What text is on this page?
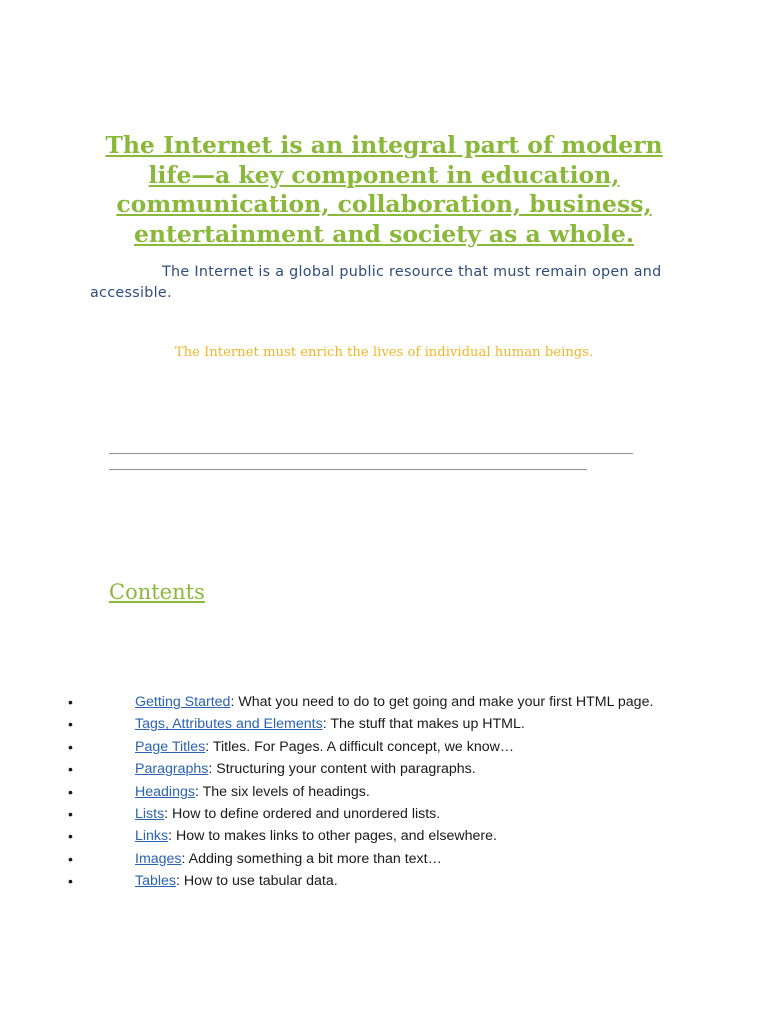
The Internet is an integral part of modern life—a key component in education, communication, collaboration, business, entertainment and society as a whole.

The Internet is a global public resource that must remain open and accessible.

The Internet must enrich the lives of individual human beings.

Contents
•	Getting Started: What you need to do to get going and make your first HTML page.
•	Tags, Attributes and Elements: The stuff that makes up HTML.
•	Page Titles: Titles. For Pages. A difficult concept, we know…
•	Paragraphs: Structuring your content with paragraphs.
•	Headings: The six levels of headings.
•	Lists: How to define ordered and unordered lists.
•	Links: How to makes links to other pages, and elsewhere.
•	Images: Adding something a bit more than text…
•	Tables: How to use tabular data.
